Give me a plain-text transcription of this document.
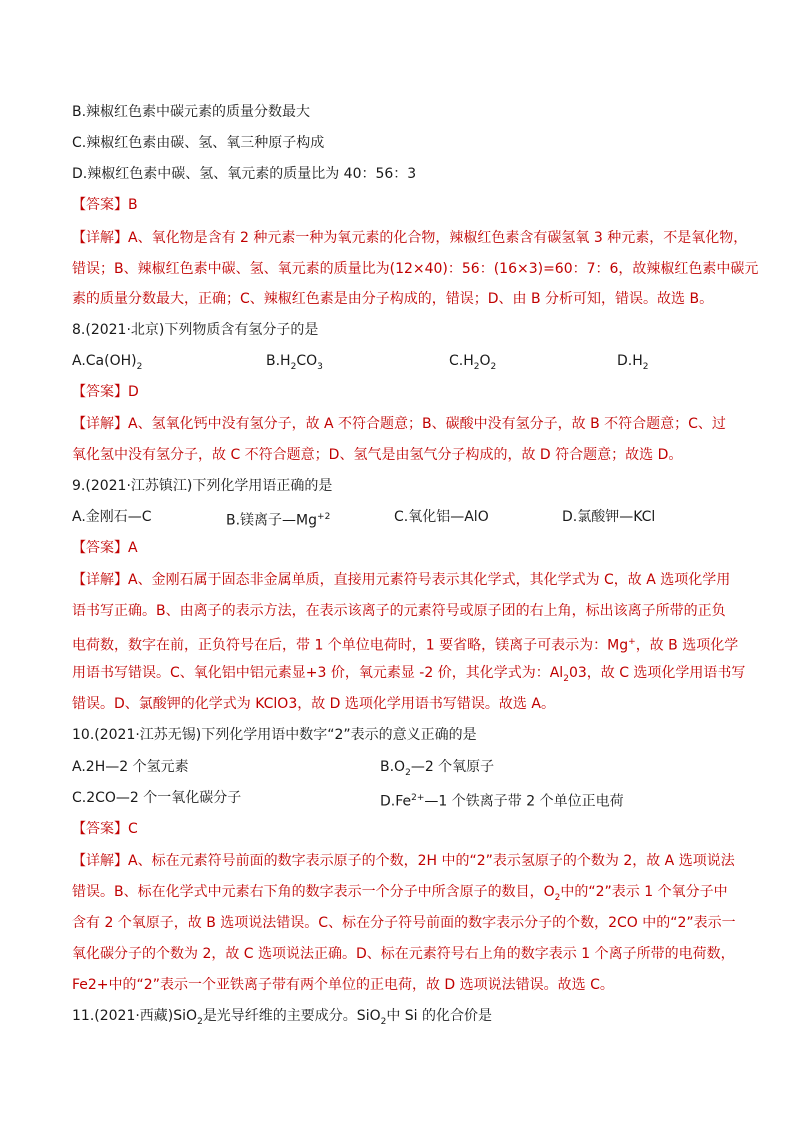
B.辣椒红色素中碳元素的质量分数最大
C.辣椒红色素由碳、氢、氧三种原子构成
D.辣椒红色素中碳、氢、氧元素的质量比为 40：56：3
【答案】B
【详解】A、氧化物是含有 2 种元素一种为氧元素的化合物，辣椒红色素含有碳氢氧 3 种元素，不是氧化物，
错误；B、辣椒红色素中碳、氢、氧元素的质量比为(12×40)：56：(16×3)=60：7：6，故辣椒红色素中碳元
素的质量分数最大，正确；C、辣椒红色素是由分子构成的，错误；D、由 B 分析可知，错误。故选 B。
8.(2021·北京)下列物质含有氢分子的是
$A.Ca(OH)_2$	$B.H_2CO_3$	$C.H_2O_2$	$D.H_2$
【答案】D
【详解】A、氢氧化钙中没有氢分子，故 A 不符合题意；B、碳酸中没有氢分子，故 B 不符合题意；C、过
氧化氢中没有氢分子，故 C 不符合题意；D、氢气是由氢气分子构成的，故 D 符合题意；故选 D。
9.(2021·江苏镇江)下列化学用语正确的是
A.金刚石—C	B.镁离子$—Mg^{+2}$	C.氧化铝—AlO	D.氯酸钾—KCl
【答案】A
【详解】A、金刚石属于固态非金属单质，直接用元素符号表示其化学式，其化学式为 C，故 A 选项化学用
语书写正确。B、由离子的表示方法，在表示该离子的元素符号或原子团的右上角，标出该离子所带的正负
电荷数，数字在前，正负符号在后，带 1 个单位电荷时，1 要省略，镁离子可表示为：Mg+，故 B 选项化学
用语书写错误。C、氧化铝中铝元素显+3 价，氧元素显 -2 价，其化学式为：$Al_203$，故 C 选项化学用语书写
错误。D、氯酸钾的化学式为 KClO3，故 D 选项化学用语书写错误。故选 A。
10.(2021·江苏无锡)下列化学用语中数字“2”表示的意义正确的是
A.2H—2 个氢元素	$B.O_2—2$ 个氧原子
C.2CO—2 个一氧化碳分子	$D.Fe^{2+}—1$ 个铁离子带 2 个单位正电荷
【答案】C
【详解】A、标在元素符号前面的数字表示原子的个数，2H 中的“2”表示氢原子的个数为 2，故 A 选项说法
错误。B、标在化学式中元素右下角的数字表示一个分子中所含原子的数目，$O_2$中的“2”表示 1 个氧分子中
含有 2 个氧原子，故 B 选项说法错误。C、标在分子符号前面的数字表示分子的个数，2CO 中的“2”表示一
氧化碳分子的个数为 2，故 C 选项说法正确。D、标在元素符号右上角的数字表示 1 个离子所带的电荷数，
Fe2+中的“2”表示一个亚铁离子带有两个单位的正电荷，故 D 选项说法错误。故选 C。
11.(2021·西藏)SiO$_2$是光导纤维的主要成分。SiO$_2$中 Si 的化合价是
